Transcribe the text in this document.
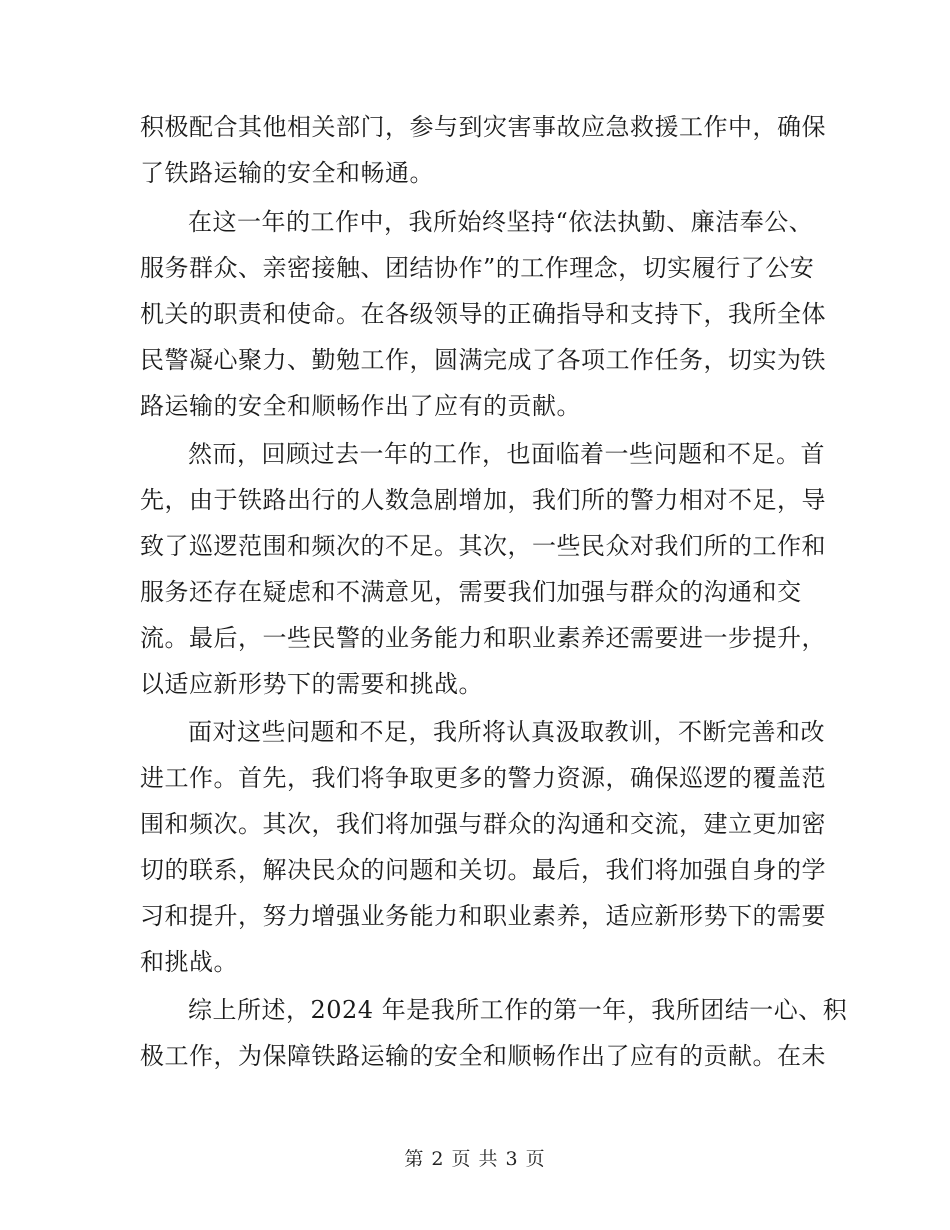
积极配合其他相关部门，参与到灾害事故应急救援工作中，确保
了铁路运输的安全和畅通。
在这一年的工作中，我所始终坚持“依法执勤、廉洁奉公、
服务群众、亲密接触、团结协作”的工作理念，切实履行了公安
机关的职责和使命。在各级领导的正确指导和支持下，我所全体
民警凝心聚力、勤勉工作，圆满完成了各项工作任务，切实为铁
路运输的安全和顺畅作出了应有的贡献。
然而，回顾过去一年的工作，也面临着一些问题和不足。首
先，由于铁路出行的人数急剧增加，我们所的警力相对不足，导
致了巡逻范围和频次的不足。其次，一些民众对我们所的工作和
服务还存在疑虑和不满意见，需要我们加强与群众的沟通和交
流。最后，一些民警的业务能力和职业素养还需要进一步提升，
以适应新形势下的需要和挑战。
面对这些问题和不足，我所将认真汲取教训，不断完善和改
进工作。首先，我们将争取更多的警力资源，确保巡逻的覆盖范
围和频次。其次，我们将加强与群众的沟通和交流，建立更加密
切的联系，解决民众的问题和关切。最后，我们将加强自身的学
习和提升，努力增强业务能力和职业素养，适应新形势下的需要
和挑战。
综上所述，2024 年是我所工作的第一年，我所团结一心、积
极工作，为保障铁路运输的安全和顺畅作出了应有的贡献。在未
第 2 页 共 3 页
